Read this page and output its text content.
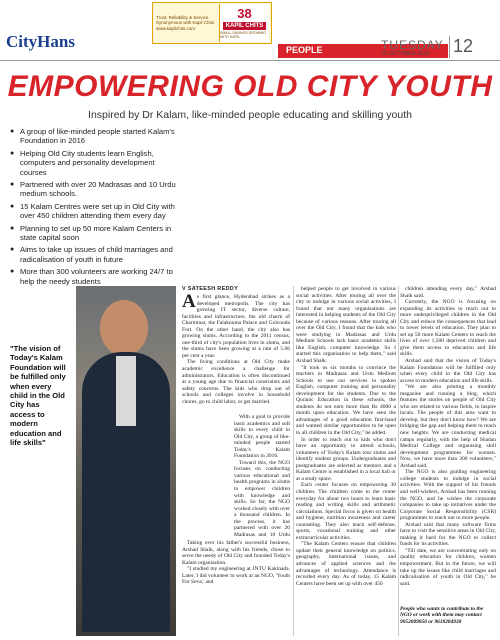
CityHans
Trust, Reliability & Service Synonymous with Kapil Chits www.kapilchits.com
38
KAPIL CHITS
SMALL SAVINGS GROWING WITH KAPIL
PEOPLE	TUESDAY
15 OCTOBER 2019 12
EMPOWERING OLD CITY YOUTH
Inspired by Dr Kalam, like-minded people educating and skilling youth
● A group of like-minded people started Kalam's Foundation in 2016
● Helping Old City students learn English, computers and personality development courses
● Partnered with over 20 Madrasas and 10 Urdu medium schools.
● 15 Kalam Centres were set up in Old City with over 450 children attending them every day
● Planning to set up 50 more Kalam Centers in state capital soon
● Aims to take up issues of child marriages and radicalisation of youth in future
● More than 300 volunteers are working 24/7 to help the needy students
"The vision of Today's Kalam Foundation will be fulfilled only when every child in the Old City has access to modern education and life skills"
V SATEESH REDDY

As first glance, Hyderabad strikes as a developed metropolis. The city has growing IT sector, diverse culture, facilities and infrastructure, the old charm of Charminar, the Falaknuma Palace and Golconda Fort. On the other hand, the city also has growing slums. According to the 2011 census, one-third of city's population lives in slums, and the slums have been growing at a rate of 5.06 per cent a year.

The living conditions at Old City make academic excellence a challenge for administrators. Education is often discontinued at a young age due to financial constraints and safety concerns. The kids who drop out of schools and colleges involve in household chores, go to child labor, or get married.

With a goal to provide basic academics and soft skills to every child in Old City, a group of like-minded people started Today's Kalam Foundation in 2016.

Toward this, the NGO focuses on conducting various educational and health programs in slums to empower children with knowledge and skills. So far, the NGO worked closely with over a thousand children. In the process, it has partnered with over 20 Madrasas and 10 Urdu

Taking over his father's successful business, Arshad Shaik, along with his friends, chose to serve the needy of Old City and founded Today's Kalam organisation.

"I studied my engineering at JNTU Kakinada. Later, I did volunteer to work at an NGO, 'Youth For Seva,' and

helped people to get involved in various social activities. After touring all over the city to indulge in various social activities, I found that not many organisations are interested in helping students of the Old City because of various reasons. After touring all over the Old City, I found that the kids who were studying in Madrasas and Urdu Medium Schools lack basic academic skills like English, computer knowledge. So I started this organisation to help them," said Arshad Shaik.

"It took us six months to convince the teachers in Madrasas and Urdu Medium Schools to use our services in spoken English, computer training and personality development for the students. Due to the Quranic Education in these schools, the students do not earn more than Rs 4000 a month upon education. We have seen the advantages of a good education first-hand and wanted similar opportunities to be open to all children in the Old City," he added.

In order to reach out to kids who don't have an opportunity to attend schools, volunteers of Today's Kalam tour slums and identify student groups. Undergraduates and postgraduates are selected as mentors and a Kalam Centre is established in a local hall or at a study space.

Each center focuses on empowering 30 children. The children come to the center everyday for about two hours to learn basic reading and writing skills and arithmetic calculations. Special focus is given on health and hygiene, nutrition awareness and career counseling. They also teach self-defense, sports, vocational training and other extracurricular activities.

"The Kalam Centers ensure that children update their general knowledge on politics, geography, international issues, and advances of applied sciences and the advantages of technology. Attendance is recorded every day. As of today, 15 Kalam Centers have been set up with over 450

children attending every day," Arshad Shaik said.

Currently, the NGO is focusing on expanding its activities to reach out to more underprivileged children in the Old City and reduce the consequences that lead to lower levels of education. They plan to set up 50 more Kalam Centers to reach the lives of over 1,500 deprived children and give them access to education and life skills.

Arshad said that the vision of Today's Kalam Foundation will be fulfilled only when every child in the Old City has access to modern education and life skills.

"We are also printing a monthly magazine and running a blog, which features the stories on people of Old City who are related to various fields, to inspire locals. The people of this area want to develop, but they don't know how? We are bridging the gap and helping them to reach new heights. We are conducting medical camps regularly, with the help of Shadan Medical College and organising skill development programmes for women. Now, we have more than 300 volunteers," Arshad said.

The NGO is also guiding engineering college students to indulge in social activities. With the support of his friends and well-wishers, Arshad has been running the NGO, and he wishes the corporate companies to take up initiatives under the Corporate Social Responsibility (CSR) programmes to reach out to more people.

Arshad said that many software firms have to visit the sensitive areas in Old City, making it hard for the NGO to collect funds for its activities.

"Till date, we are concentrating only on quality education for children, women empowerment. But in the future, we will take up the issues like child marriages and radicalisation of youth in Old City," he said.

People who wants to contribute to the NGO or work with them may contact 9052009850 or 9618284938
